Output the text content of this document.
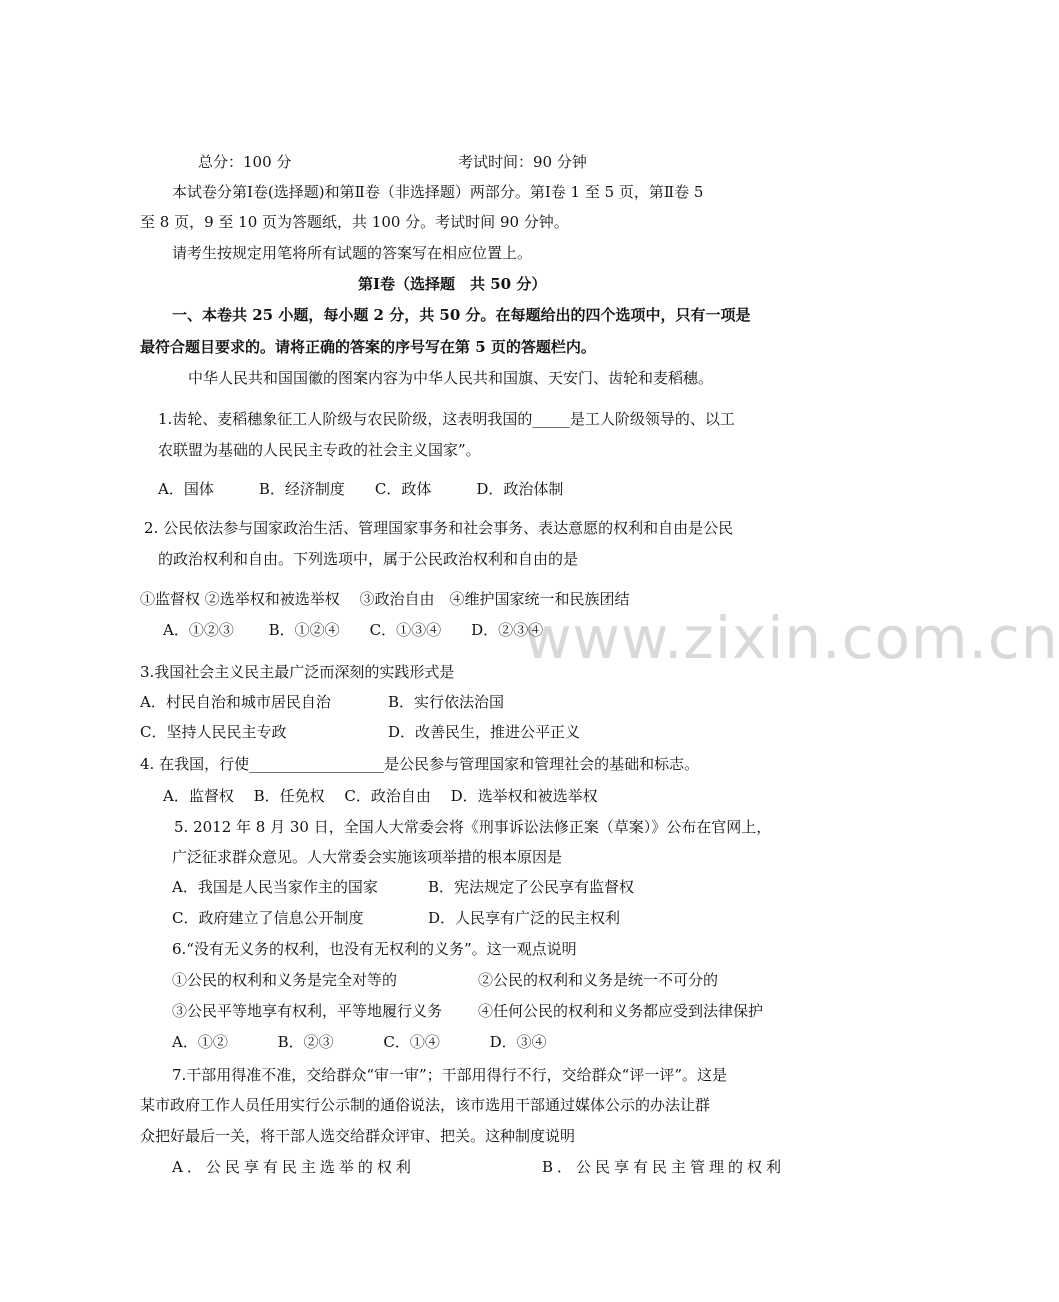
www.zixin.com.cn
总分：100 分	考试时间：90 分钟
本试卷分第Ⅰ卷(选择题)和第Ⅱ卷（非选择题）两部分。第Ⅰ卷 1 至 5 页，第Ⅱ卷 5
至 8 页，9 至 10 页为答题纸，共 100 分。考试时间 90 分钟。
请考生按规定用笔将所有试题的答案写在相应位置上。
第Ⅰ卷（选择题　共 50 分）
一、本卷共 25 小题，每小题 2 分，共 50 分。在每题给出的四个选项中，只有一项是
最符合题目要求的。请将正确的答案的序号写在第 5 页的答题栏内。
中华人民共和国国徽的图案内容为中华人民共和国旗、天安门、齿轮和麦稻穗。
1.齿轮、麦稻穗象征工人阶级与农民阶级，这表明我国的_____是工人阶级领导的、以工
农联盟为基础的人民民主专政的社会主义国家”。
A．国体　　　B．经济制度　　C．政体　　　D．政治体制
2. 公民依法参与国家政治生活、管理国家事务和社会事务、表达意愿的权利和自由是公民
的政治权利和自由。下列选项中，属于公民政治权利和自由的是
①监督权 ②选举权和被选举权　 ③政治自由　④维护国家统一和民族团结
A．①②③　　 B．①②④　　C．①③④　　D．②③④
3.我国社会主义民主最广泛而深刻的实践形式是
A．村民自治和城市居民自治	B．实行依法治国
C．坚持人民民主专政	D．改善民生，推进公平正义
4. 在我国，行使__________________是公民参与管理国家和管理社会的基础和标志。
A．监督权　 B．任免权　 C．政治自由　 D．选举权和被选举权
5. 2012 年 8 月 30 日，全国人大常委会将《刑事诉讼法修正案（草案）》公布在官网上，
广泛征求群众意见。人大常委会实施该项举措的根本原因是
A．我国是人民当家作主的国家	B．宪法规定了公民享有监督权
C．政府建立了信息公开制度	D．人民享有广泛的民主权利
6.“没有无义务的权利，也没有无权利的义务”。这一观点说明
①公民的权利和义务是完全对等的	②公民的权利和义务是统一不可分的
③公民平等地享有权利，平等地履行义务 ④任何公民的权利和义务都应受到法律保护
A．①②　　　 B．②③　　　 C．①④　　　 D．③④
7.干部用得准不准，交给群众“审一审”；干部用得行不行，交给群众“评一评”。这是
某市政府工作人员任用实行公示制的通俗说法，该市选用干部通过媒体公示的办法让群
众把好最后一关，将干部人选交给群众评审、把关。这种制度说明
A．公民享有民主选举的权利	B．公民享有民主管理的权利
